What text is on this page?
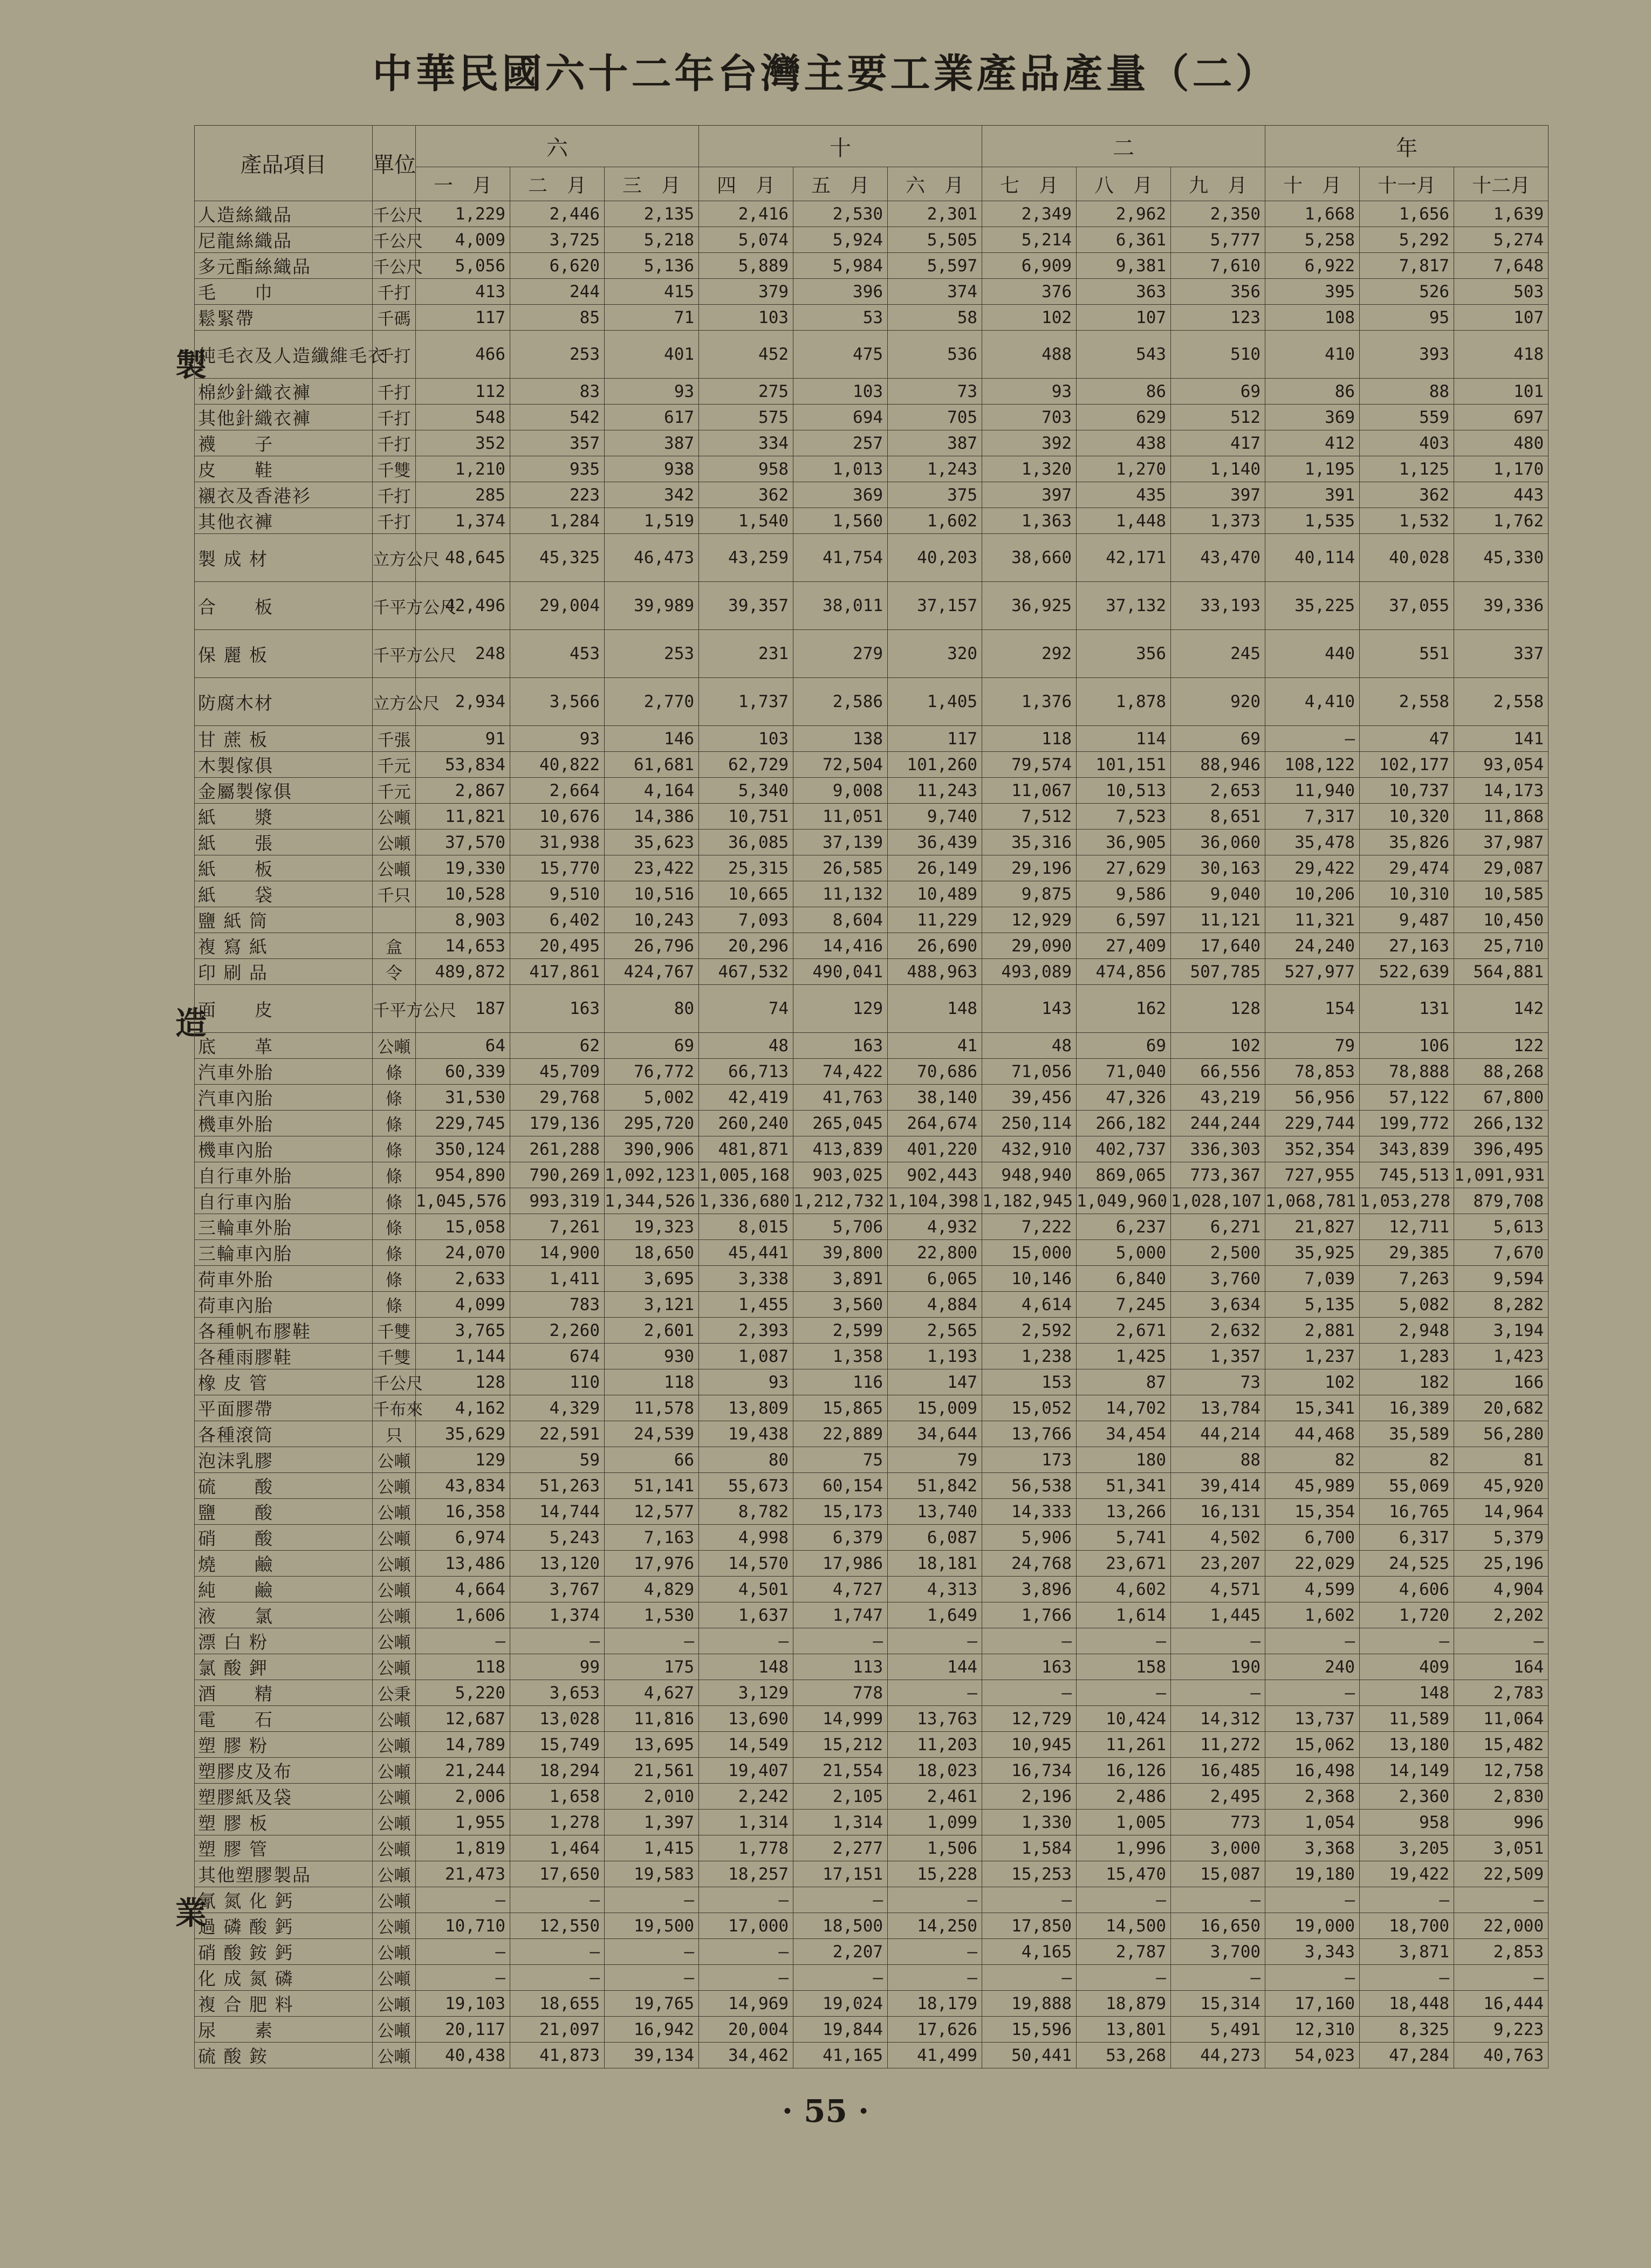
中華民國六十二年台灣主要工業產品產量（二）
製
造
業
產品項目	單位	六			十			二			年		
		一　月	二　月	三　月	四　月	五　月	六　月	七　月	八　月	九　月	十　月	十一月	十二月
人造絲織品	千公尺	1,229	2,446	2,135	2,416	2,530	2,301	2,349	2,962	2,350	1,668	1,656	1,639
尼龍絲織品	千公尺	4,009	3,725	5,218	5,074	5,924	5,505	5,214	6,361	5,777	5,258	5,292	5,274
多元酯絲織品	千公尺	5,056	6,620	5,136	5,889	5,984	5,597	6,909	9,381	7,610	6,922	7,817	7,648
毛　　巾	千打	413	244	415	379	396	374	376	363	356	395	526	503
鬆緊帶	千碼	117	85	71	103	53	58	102	107	123	108	95	107
純毛衣及人造纖維毛衣	千打	466	253	401	452	475	536	488	543	510	410	393	418
棉紗針織衣褲	千打	112	83	93	275	103	73	93	86	69	86	88	101
其他針織衣褲	千打	548	542	617	575	694	705	703	629	512	369	559	697
襪　　子	千打	352	357	387	334	257	387	392	438	417	412	403	480
皮　　鞋	千雙	1,210	935	938	958	1,013	1,243	1,320	1,270	1,140	1,195	1,125	1,170
襯衣及香港衫	千打	285	223	342	362	369	375	397	435	397	391	362	443
其他衣褲	千打	1,374	1,284	1,519	1,540	1,560	1,602	1,363	1,448	1,373	1,535	1,532	1,762
製 成 材	立方公尺	48,645	45,325	46,473	43,259	41,754	40,203	38,660	42,171	43,470	40,114	40,028	45,330
合　　板	千平方公尺	42,496	29,004	39,989	39,357	38,011	37,157	36,925	37,132	33,193	35,225	37,055	39,336
保 麗 板	千平方公尺	248	453	253	231	279	320	292	356	245	440	551	337
防腐木材	立方公尺	2,934	3,566	2,770	1,737	2,586	1,405	1,376	1,878	920	4,410	2,558	2,558
甘 蔗 板	千張	91	93	146	103	138	117	118	114	69	—	47	141
木製傢俱	千元	53,834	40,822	61,681	62,729	72,504	101,260	79,574	101,151	88,946	108,122	102,177	93,054
金屬製傢俱	千元	2,867	2,664	4,164	5,340	9,008	11,243	11,067	10,513	2,653	11,940	10,737	14,173
紙　　漿	公噸	11,821	10,676	14,386	10,751	11,051	9,740	7,512	7,523	8,651	7,317	10,320	11,868
紙　　張	公噸	37,570	31,938	35,623	36,085	37,139	36,439	35,316	36,905	36,060	35,478	35,826	37,987
紙　　板	公噸	19,330	15,770	23,422	25,315	26,585	26,149	29,196	27,629	30,163	29,422	29,474	29,087
紙　　袋	千只	10,528	9,510	10,516	10,665	11,132	10,489	9,875	9,586	9,040	10,206	10,310	10,585
鹽 紙 筒		8,903	6,402	10,243	7,093	8,604	11,229	12,929	6,597	11,121	11,321	9,487	10,450
複 寫 紙	盒	14,653	20,495	26,796	20,296	14,416	26,690	29,090	27,409	17,640	24,240	27,163	25,710
印 刷 品	令	489,872	417,861	424,767	467,532	490,041	488,963	493,089	474,856	507,785	527,977	522,639	564,881
面　　皮	千平方公尺	187	163	80	74	129	148	143	162	128	154	131	142
底　　革	公噸	64	62	69	48	163	41	48	69	102	79	106	122
汽車外胎	條	60,339	45,709	76,772	66,713	74,422	70,686	71,056	71,040	66,556	78,853	78,888	88,268
汽車內胎	條	31,530	29,768	5,002	42,419	41,763	38,140	39,456	47,326	43,219	56,956	57,122	67,800
機車外胎	條	229,745	179,136	295,720	260,240	265,045	264,674	250,114	266,182	244,244	229,744	199,772	266,132
機車內胎	條	350,124	261,288	390,906	481,871	413,839	401,220	432,910	402,737	336,303	352,354	343,839	396,495
自行車外胎	條	954,890	790,269	1,092,123	1,005,168	903,025	902,443	948,940	869,065	773,367	727,955	745,513	1,091,931
自行車內胎	條	1,045,576	993,319	1,344,526	1,336,680	1,212,732	1,104,398	1,182,945	1,049,960	1,028,107	1,068,781	1,053,278	879,708
三輪車外胎	條	15,058	7,261	19,323	8,015	5,706	4,932	7,222	6,237	6,271	21,827	12,711	5,613
三輪車內胎	條	24,070	14,900	18,650	45,441	39,800	22,800	15,000	5,000	2,500	35,925	29,385	7,670
荷車外胎	條	2,633	1,411	3,695	3,338	3,891	6,065	10,146	6,840	3,760	7,039	7,263	9,594
荷車內胎	條	4,099	783	3,121	1,455	3,560	4,884	4,614	7,245	3,634	5,135	5,082	8,282
各種帆布膠鞋	千雙	3,765	2,260	2,601	2,393	2,599	2,565	2,592	2,671	2,632	2,881	2,948	3,194
各種雨膠鞋	千雙	1,144	674	930	1,087	1,358	1,193	1,238	1,425	1,357	1,237	1,283	1,423
橡 皮 管	千公尺	128	110	118	93	116	147	153	87	73	102	182	166
平面膠帶	千布來	4,162	4,329	11,578	13,809	15,865	15,009	15,052	14,702	13,784	15,341	16,389	20,682
各種滾筒	只	35,629	22,591	24,539	19,438	22,889	34,644	13,766	34,454	44,214	44,468	35,589	56,280
泡沫乳膠	公噸	129	59	66	80	75	79	173	180	88	82	82	81
硫　　酸	公噸	43,834	51,263	51,141	55,673	60,154	51,842	56,538	51,341	39,414	45,989	55,069	45,920
鹽　　酸	公噸	16,358	14,744	12,577	8,782	15,173	13,740	14,333	13,266	16,131	15,354	16,765	14,964
硝　　酸	公噸	6,974	5,243	7,163	4,998	6,379	6,087	5,906	5,741	4,502	6,700	6,317	5,379
燒　　鹼	公噸	13,486	13,120	17,976	14,570	17,986	18,181	24,768	23,671	23,207	22,029	24,525	25,196
純　　鹼	公噸	4,664	3,767	4,829	4,501	4,727	4,313	3,896	4,602	4,571	4,599	4,606	4,904
液　　氯	公噸	1,606	1,374	1,530	1,637	1,747	1,649	1,766	1,614	1,445	1,602	1,720	2,202
漂 白 粉	公噸	—	—	—	—	—	—	—	—	—	—	—	—
氯 酸 鉀	公噸	118	99	175	148	113	144	163	158	190	240	409	164
酒　　精	公秉	5,220	3,653	4,627	3,129	778	—	—	—	—	—	148	2,783
電　　石	公噸	12,687	13,028	11,816	13,690	14,999	13,763	12,729	10,424	14,312	13,737	11,589	11,064
塑 膠 粉	公噸	14,789	15,749	13,695	14,549	15,212	11,203	10,945	11,261	11,272	15,062	13,180	15,482
塑膠皮及布	公噸	21,244	18,294	21,561	19,407	21,554	18,023	16,734	16,126	16,485	16,498	14,149	12,758
塑膠紙及袋	公噸	2,006	1,658	2,010	2,242	2,105	2,461	2,196	2,486	2,495	2,368	2,360	2,830
塑 膠 板	公噸	1,955	1,278	1,397	1,314	1,314	1,099	1,330	1,005	773	1,054	958	996
塑 膠 管	公噸	1,819	1,464	1,415	1,778	2,277	1,506	1,584	1,996	3,000	3,368	3,205	3,051
其他塑膠製品	公噸	21,473	17,650	19,583	18,257	17,151	15,228	15,253	15,470	15,087	19,180	19,422	22,509
氰 氮 化 鈣	公噸	—	—	—	—	—	—	—	—	—	—	—	—
過 磷 酸 鈣	公噸	10,710	12,550	19,500	17,000	18,500	14,250	17,850	14,500	16,650	19,000	18,700	22,000
硝 酸 銨 鈣	公噸	—	—	—	—	2,207	—	4,165	2,787	3,700	3,343	3,871	2,853
化 成 氮 磷	公噸	—	—	—	—	—	—	—	—	—	—	—	—
複 合 肥 料	公噸	19,103	18,655	19,765	14,969	19,024	18,179	19,888	18,879	15,314	17,160	18,448	16,444
尿　　素	公噸	20,117	21,097	16,942	20,004	19,844	17,626	15,596	13,801	5,491	12,310	8,325	9,223
硫 酸 銨	公噸	40,438	41,873	39,134	34,462	41,165	41,499	50,441	53,268	44,273	54,023	47,284	40,763
· 55 ·
